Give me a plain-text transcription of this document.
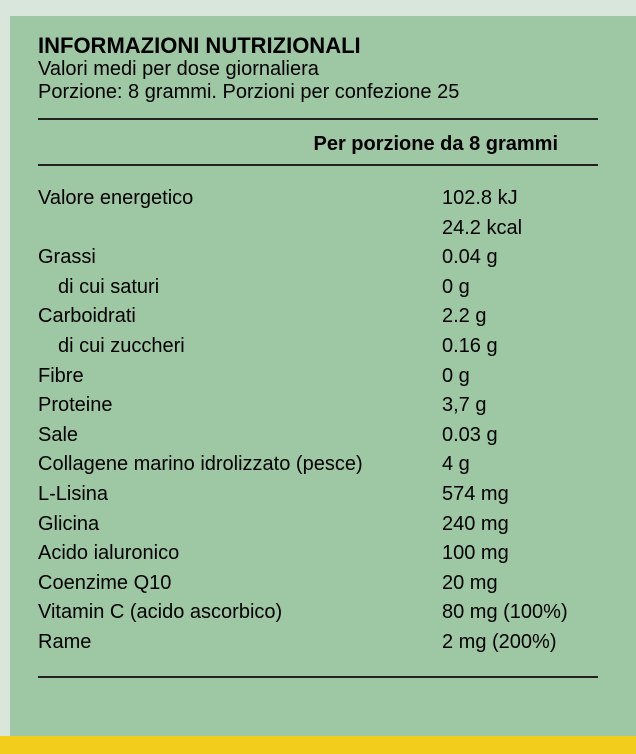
INFORMAZIONI NUTRIZIONALI
Valori medi per dose giornaliera
Porzione: 8 grammi. Porzioni per confezione 25
Per porzione da 8 grammi
Valore energetico	102.8 kJ
24.2 kcal
Grassi	0.04 g
di cui saturi	0 g
Carboidrati	2.2 g
di cui zuccheri	0.16 g
Fibre	0 g
Proteine	3,7 g
Sale	0.03 g
Collagene marino idrolizzato (pesce)	4 g
L-Lisina	574 mg
Glicina	240 mg
Acido ialuronico	100 mg
Coenzime Q10	20 mg
Vitamin C (acido ascorbico)	80 mg (100%)
Rame	2 mg (200%)
